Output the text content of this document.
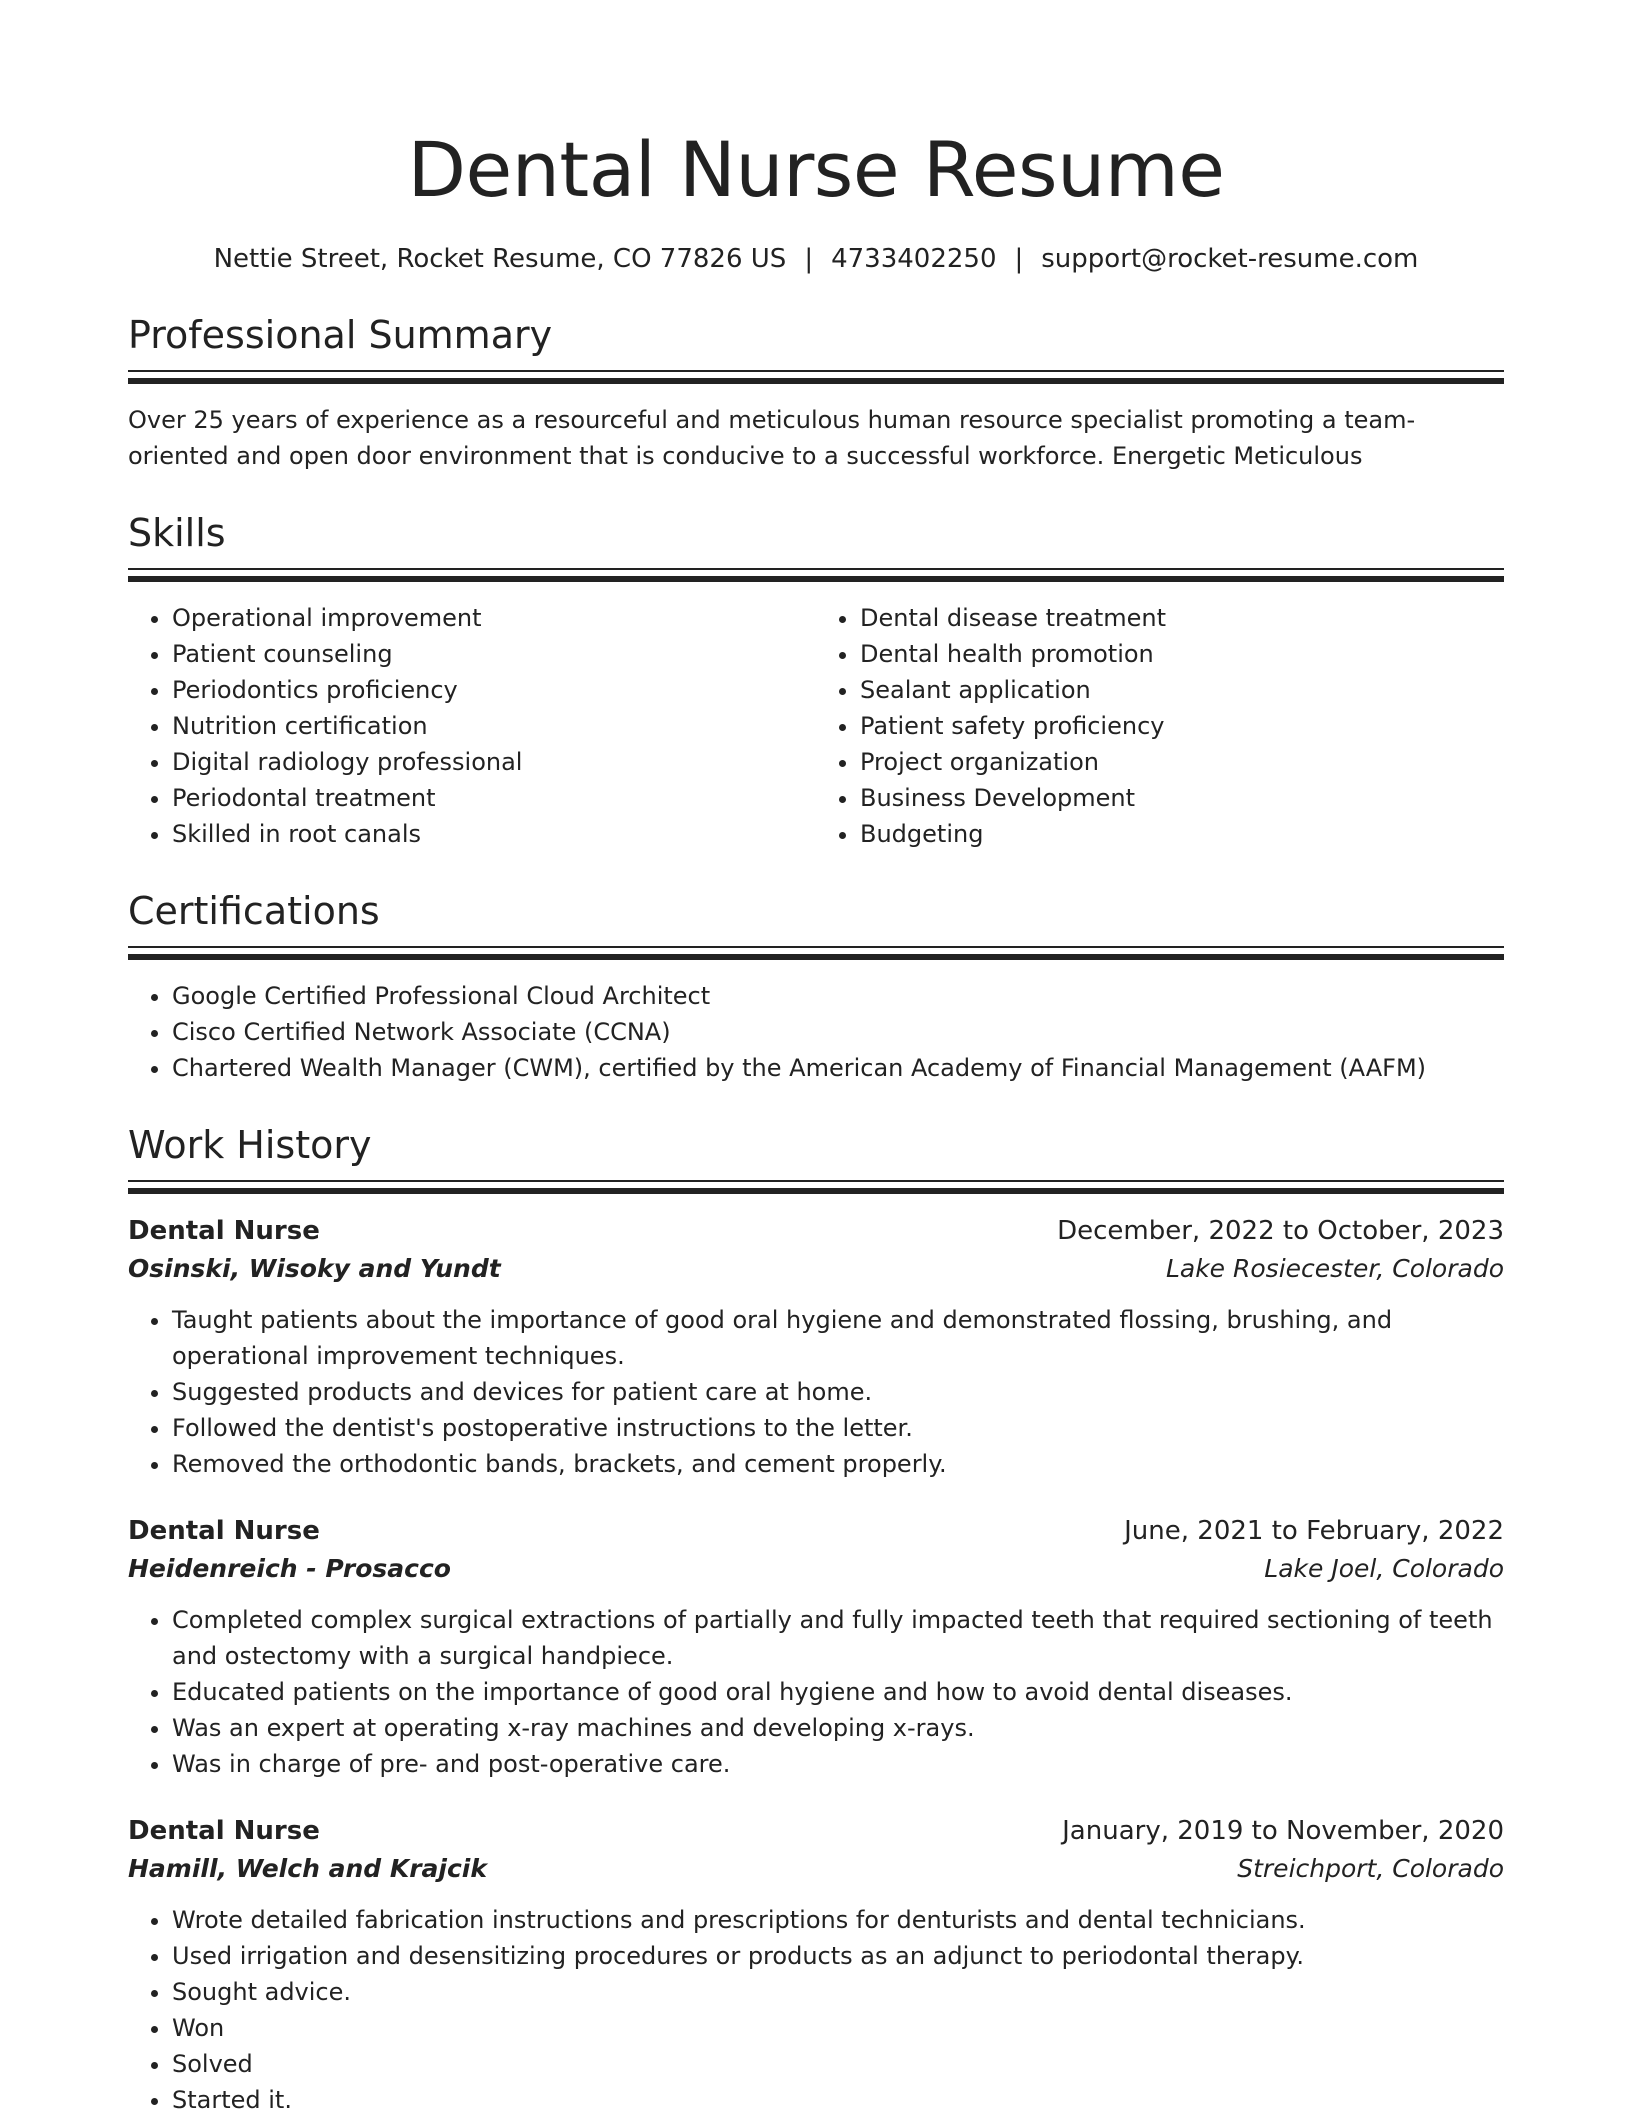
Dental Nurse Resume
Nettie Street, Rocket Resume, CO 77826 US | 4733402250 | support@rocket-resume.com
Professional Summary

Over 25 years of experience as a resourceful and meticulous human resource specialist promoting a team-oriented and open door environment that is conducive to a successful workforce. Energetic Meticulous

Skills
• Operational improvement
• Patient counseling
• Periodontics proficiency
• Nutrition certification
• Digital radiology professional
• Periodontal treatment
• Skilled in root canals
• Dental disease treatment
• Dental health promotion
• Sealant application
• Patient safety proficiency
• Project organization
• Business Development
• Budgeting
Certifications
• Google Certified Professional Cloud Architect
• Cisco Certified Network Associate (CCNA)
• Chartered Wealth Manager (CWM), certified by the American Academy of Financial Management (AAFM)
Work History
Dental Nurse	December, 2022 to October, 2023
Osinski, Wisoky and Yundt	Lake Rosiecester, Colorado
• Taught patients about the importance of good oral hygiene and demonstrated flossing, brushing, and operational improvement techniques.
• Suggested products and devices for patient care at home.
• Followed the dentist's postoperative instructions to the letter.
• Removed the orthodontic bands, brackets, and cement properly.
Dental Nurse	June, 2021 to February, 2022
Heidenreich - Prosacco	Lake Joel, Colorado
• Completed complex surgical extractions of partially and fully impacted teeth that required sectioning of teeth and ostectomy with a surgical handpiece.
• Educated patients on the importance of good oral hygiene and how to avoid dental diseases.
• Was an expert at operating x-ray machines and developing x-rays.
• Was in charge of pre- and post-operative care.
Dental Nurse	January, 2019 to November, 2020
Hamill, Welch and Krajcik	Streichport, Colorado
• Wrote detailed fabrication instructions and prescriptions for denturists and dental technicians.
• Used irrigation and desensitizing procedures or products as an adjunct to periodontal therapy.
• Sought advice.
• Won
• Solved
• Started it.
